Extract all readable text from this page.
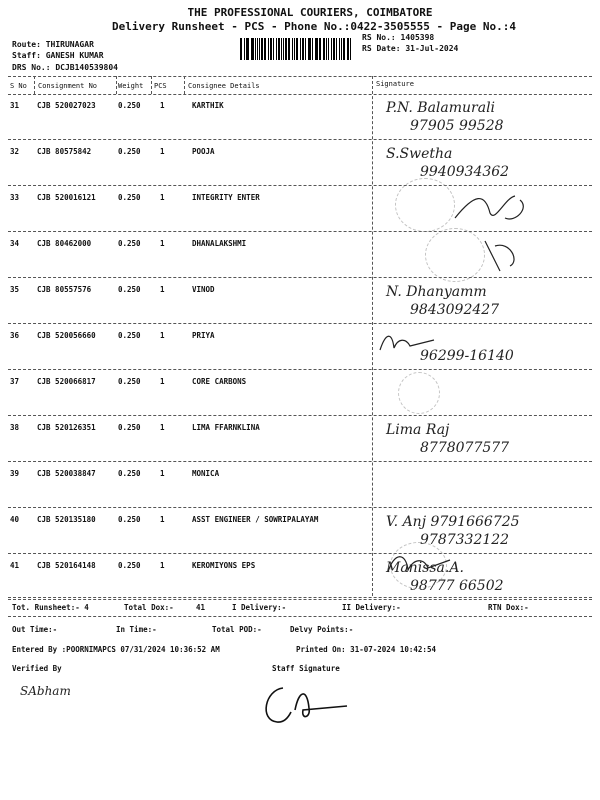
THE PROFESSIONAL COURIERS, COIMBATORE
Delivery Runsheet - PCS - Phone No.:0422-3505555 - Page No.:4
Route: THIRUNAGAR
Staff: GANESH KUMAR
DRS No.: DCJB140539804
RS No.: 1405398
RS Date: 31-Jul-2024
S No Consignment No	Weight PCS	Consignee Details	Signature
31 CJB 520027023	0.250	1	KARTHIK	P.N. Balamurali
97905 99528
32 CJB 80575842	0.250	1	POOJA	S.Swetha
9940934362
33 CJB 520016121	0.250	1	INTEGRITY ENTER
34 CJB 80462000	0.250	1	DHANALAKSHMI
35 CJB 80557576	0.250	1	VINOD	N. Dhanyamm
9843092427
36 CJB 520056660	0.250	1	PRIYA
96299-16140
37 CJB 520066817	0.250	1	CORE CARBONS
38 CJB 520126351	0.250	1	LIMA FFARNKLINA	Lima Raj
8778077577
39 CJB 520038847	0.250	1	MONICA
40 CJB 520135180	0.250	1	ASST ENGINEER / SOWRIPALAYAM	V. Anj 9791666725
9787332122
41 CJB 520164148	0.250	1	KEROMIYONS EPS	Manissa.A.
98777 66502
Tot. Runsheet:- 4	Total Dox:-	41	I Delivery:-	II Delivery:-	RTN Dox:-
Out Time:-	In Time:-	Total POD:-	Delvy Points:-
Entered By :POORNIMAPCS 07/31/2024 10:36:52 AM	Printed On: 31-07-2024 10:42:54
Verified By	Staff Signature
SAbham
